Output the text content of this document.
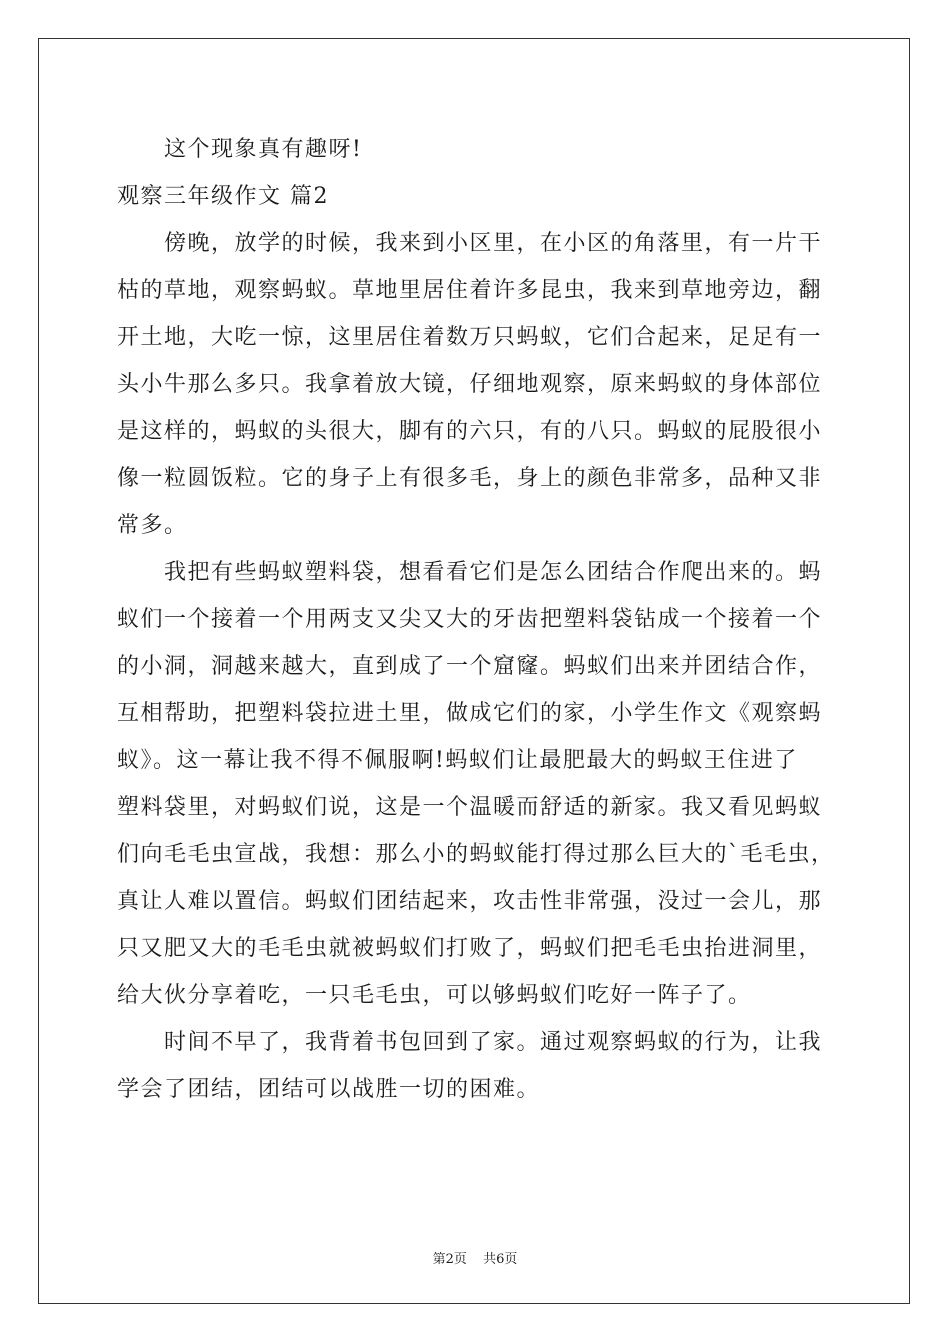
这个现象真有趣呀!
观察三年级作文 篇2
傍晚，放学的时候，我来到小区里，在小区的角落里，有一片干
枯的草地，观察蚂蚁。草地里居住着许多昆虫，我来到草地旁边，翻
开土地，大吃一惊，这里居住着数万只蚂蚁，它们合起来，足足有一
头小牛那么多只。我拿着放大镜，仔细地观察，原来蚂蚁的身体部位
是这样的，蚂蚁的头很大，脚有的六只，有的八只。蚂蚁的屁股很小
像一粒圆饭粒。它的身子上有很多毛，身上的颜色非常多，品种又非
常多。
我把有些蚂蚁塑料袋，想看看它们是怎么团结合作爬出来的。蚂
蚁们一个接着一个用两支又尖又大的牙齿把塑料袋钻成一个接着一个
的小洞，洞越来越大，直到成了一个窟窿。蚂蚁们出来并团结合作，
互相帮助，把塑料袋拉进土里，做成它们的家，小学生作文《观察蚂
蚁》。这一幕让我不得不佩服啊!蚂蚁们让最肥最大的蚂蚁王住进了
塑料袋里，对蚂蚁们说，这是一个温暖而舒适的新家。我又看见蚂蚁
们向毛毛虫宣战，我想：那么小的蚂蚁能打得过那么巨大的`毛毛虫，
真让人难以置信。蚂蚁们团结起来，攻击性非常强，没过一会儿，那
只又肥又大的毛毛虫就被蚂蚁们打败了，蚂蚁们把毛毛虫抬进洞里，
给大伙分享着吃，一只毛毛虫，可以够蚂蚁们吃好一阵子了。
时间不早了，我背着书包回到了家。通过观察蚂蚁的行为，让我
学会了团结，团结可以战胜一切的困难。
第2页 共6页
